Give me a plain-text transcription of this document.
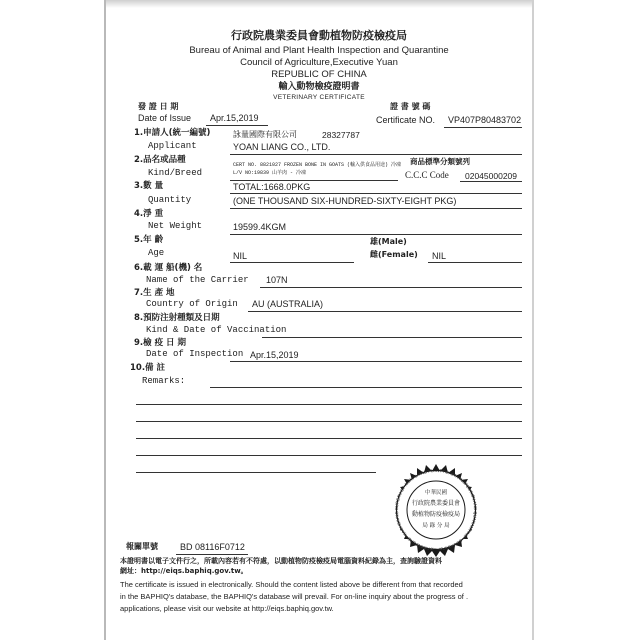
行政院農業委員會動植物防疫檢疫局
Bureau of Animal and Plant Health Inspection and Quarantine
Council of Agriculture,Executive Yuan
REPUBLIC OF CHINA
輸入動物檢疫證明書
VETERINARY CERTIFICATE
發 證 日 期
Date of Issue Apr.15,2019
證 書 號 碼
Certificate NO. VP407P80483702
1.申請人(統一編號)	詠量國際有限公司	28327787
Applicant	YOAN LIANG CO., LTD.
2.品名或品種
Kind/Breed
CERT NO. 8821027 FROZEN BONE IN GOATS (輸入供食品用途) 冷凍
L/V NO:19839 山羊肉 - 冷凍
商品標準分類號列
C.C.C Code 02045000209
3.數 量	TOTAL:1668.0PKG
Quantity	(ONE THOUSAND SIX-HUNDRED-SIXTY-EIGHT PKG)
4.淨 重
Net Weight	19599.4KGM
5.年 齡	雄(Male)
Age	NIL	雌(Female) NIL
6.載 運 船(機) 名
Name of the Carrier 107N
7.生 產 地
Country of Origin AU (AUSTRALIA)
8.預防注射種類及日期
Kind & Date of Vaccination
9.檢 疫 日 期
Date of Inspection Apr.15,2019
10.備 註
Remarks:
BUREAU OF ANIMAL AND PLANT HEALTH INSPECTION AND QUARANTINE · COUNCIL OF AGRICULTURE · KAOHSIUNG
中華民國
行政院農業委員會
動植物防疫檢疫局
局 錄 分 局
報關單號 BD 08116F0712
本證明書以電子文件行之，所載內容若有不符處，以動植物防疫檢疫局電腦資料紀錄為主，查詢驗證資料
網址：http://eiqs.baphiq.gov.tw。
The certificate is issued in electronically. Should the content listed above be different from that recorded
in the BAPHIQ's database, the BAPHIQ's database will prevail. For on-line inquiry about the progress of .
applications, please visit our website at http://eiqs.baphiq.gov.tw.
